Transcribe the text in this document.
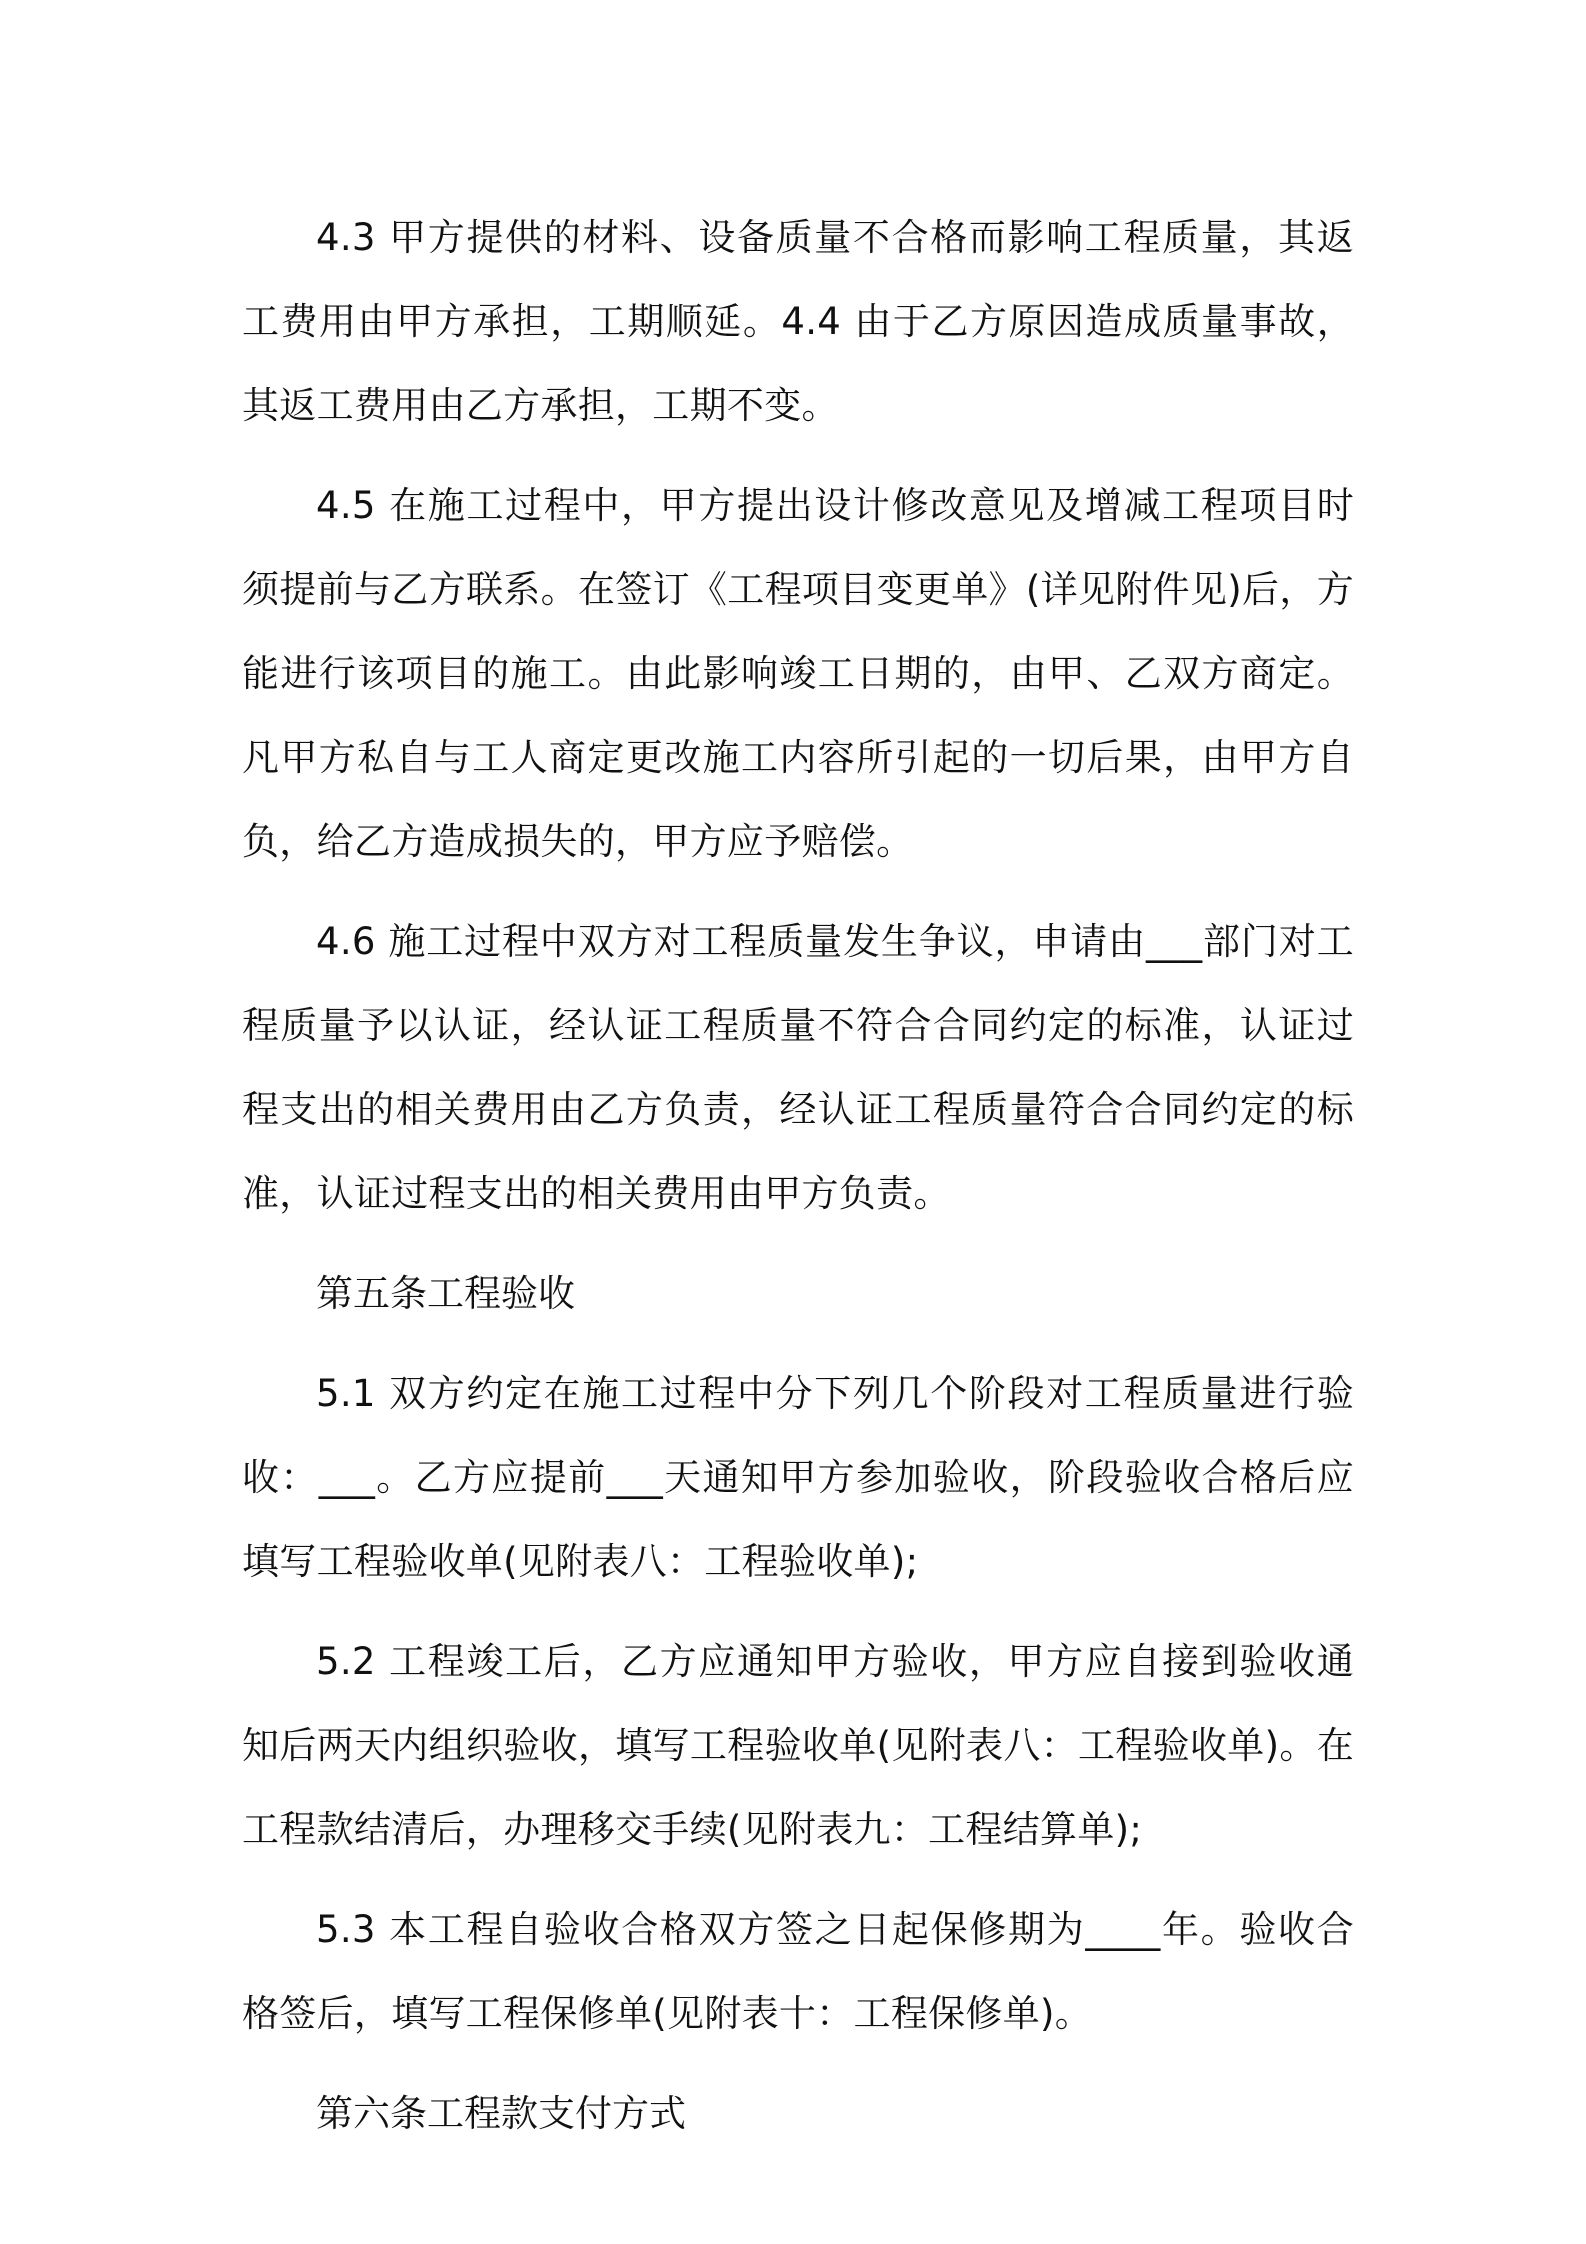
4.3 甲方提供的材料、设备质量不合格而影响工程质量，其返工费用由甲方承担，工期顺延。4.4 由于乙方原因造成质量事故，其返工费用由乙方承担，工期不变。

4.5 在施工过程中，甲方提出设计修改意见及增减工程项目时须提前与乙方联系。在签订《工程项目变更单》(详见附件见)后，方能进行该项目的施工。由此影响竣工日期的，由甲、乙双方商定。凡甲方私自与工人商定更改施工内容所引起的一切后果，由甲方自负，给乙方造成损失的，甲方应予赔偿。

4.6 施工过程中双方对工程质量发生争议，申请由___部门对工程质量予以认证，经认证工程质量不符合合同约定的标准，认证过程支出的相关费用由乙方负责，经认证工程质量符合合同约定的标准，认证过程支出的相关费用由甲方负责。

第五条工程验收

5.1 双方约定在施工过程中分下列几个阶段对工程质量进行验收：___。乙方应提前___天通知甲方参加验收，阶段验收合格后应填写工程验收单(见附表八：工程验收单);

5.2 工程竣工后，乙方应通知甲方验收，甲方应自接到验收通知后两天内组织验收，填写工程验收单(见附表八：工程验收单)。在工程款结清后，办理移交手续(见附表九：工程结算单);

5.3 本工程自验收合格双方签之日起保修期为____年。验收合格签后，填写工程保修单(见附表十：工程保修单)。

第六条工程款支付方式
